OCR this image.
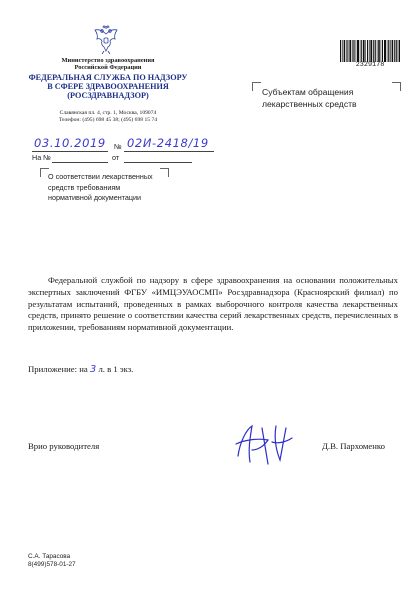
Министерство здравоохранения
Российской Федерации
ФЕДЕРАЛЬНАЯ СЛУЖБА ПО НАДЗОРУ
В СФЕРЕ ЗДРАВООХРАНЕНИЯ
(РОСЗДРАВНАДЗОР)
Славянская пл. 4, стр. 1, Москва, 109074
Телефон: (495) 698 45 38; (495) 698 15 74
2329178
Субъектам обращения
лекарственных средств
03.10.2019 № 02И-2418/19
На №	от
О соответствии лекарственных
средств требованиям
нормативной документации
Федеральной службой по надзору в сфере здравоохранения на основании положительных экспертных заключений ФГБУ «ИМЦЭУАОСМП» Росздравнадзора (Красноярский филиал) по результатам испытаний, проведенных в рамках выборочного контроля качества лекарственных средств, принято решение о соответствии качества серий лекарственных средств, перечисленных в приложении, требованиям нормативной документации.
Приложение: на 3 л. в 1 экз.
Врио руководителя	Д.В. Пархоменко
С.А. Тарасова
8(499)578-01-27
